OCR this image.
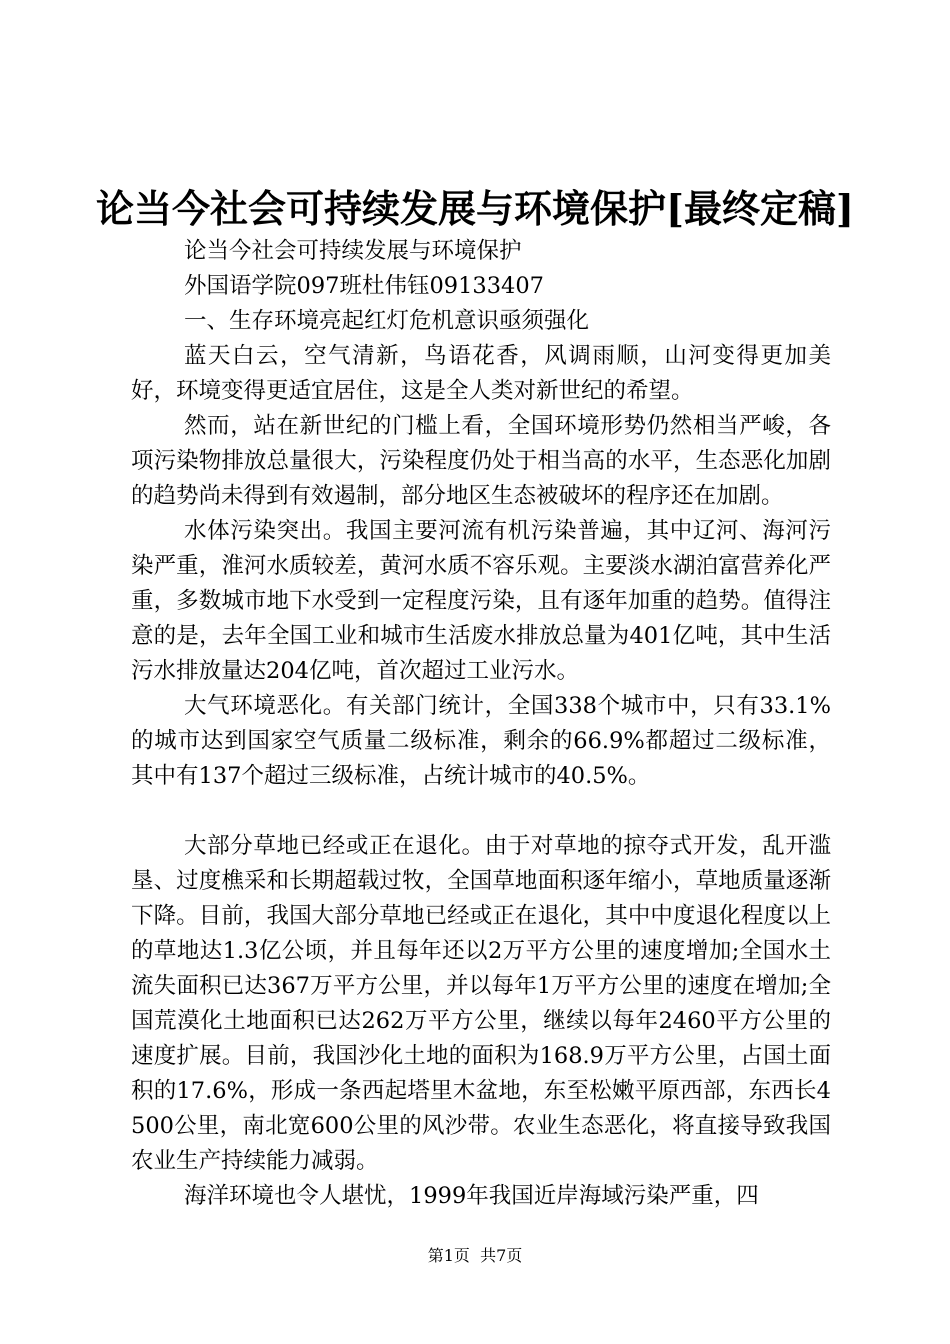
论当今社会可持续发展与环境保护[最终定稿]

论当今社会可持续发展与环境保护

外国语学院097班杜伟钰09133407

一、生存环境亮起红灯危机意识亟须强化

蓝天白云，空气清新，鸟语花香，风调雨顺，山河变得更加美好，环境变得更适宜居住，这是全人类对新世纪的希望。

然而，站在新世纪的门槛上看，全国环境形势仍然相当严峻，各项污染物排放总量很大，污染程度仍处于相当高的水平，生态恶化加剧的趋势尚未得到有效遏制，部分地区生态被破坏的程序还在加剧。

水体污染突出。我国主要河流有机污染普遍，其中辽河、海河污染严重，淮河水质较差，黄河水质不容乐观。主要淡水湖泊富营养化严重，多数城市地下水受到一定程度污染，且有逐年加重的趋势。值得注意的是，去年全国工业和城市生活废水排放总量为401亿吨，其中生活污水排放量达204亿吨，首次超过工业污水。

大气环境恶化。有关部门统计，全国338个城市中，只有33.1%的城市达到国家空气质量二级标准，剩余的66.9%都超过二级标准，其中有137个超过三级标准，占统计城市的40.5%。

大部分草地已经或正在退化。由于对草地的掠夺式开发，乱开滥垦、过度樵采和长期超载过牧，全国草地面积逐年缩小，草地质量逐渐下降。目前，我国大部分草地已经或正在退化，其中中度退化程度以上的草地达1.3亿公顷，并且每年还以2万平方公里的速度增加;全国水土流失面积已达367万平方公里，并以每年1万平方公里的速度在增加;全国荒漠化土地面积已达262万平方公里，继续以每年2460平方公里的速度扩展。目前，我国沙化土地的面积为168.9万平方公里，占国土面积的17.6%，形成一条西起塔里木盆地，东至松嫩平原西部，东西长4500公里，南北宽600公里的风沙带。农业生态恶化，将直接导致我国农业生产持续能力减弱。

海洋环境也令人堪忧，1999年我国近岸海域污染严重，四

第1页 共7页
